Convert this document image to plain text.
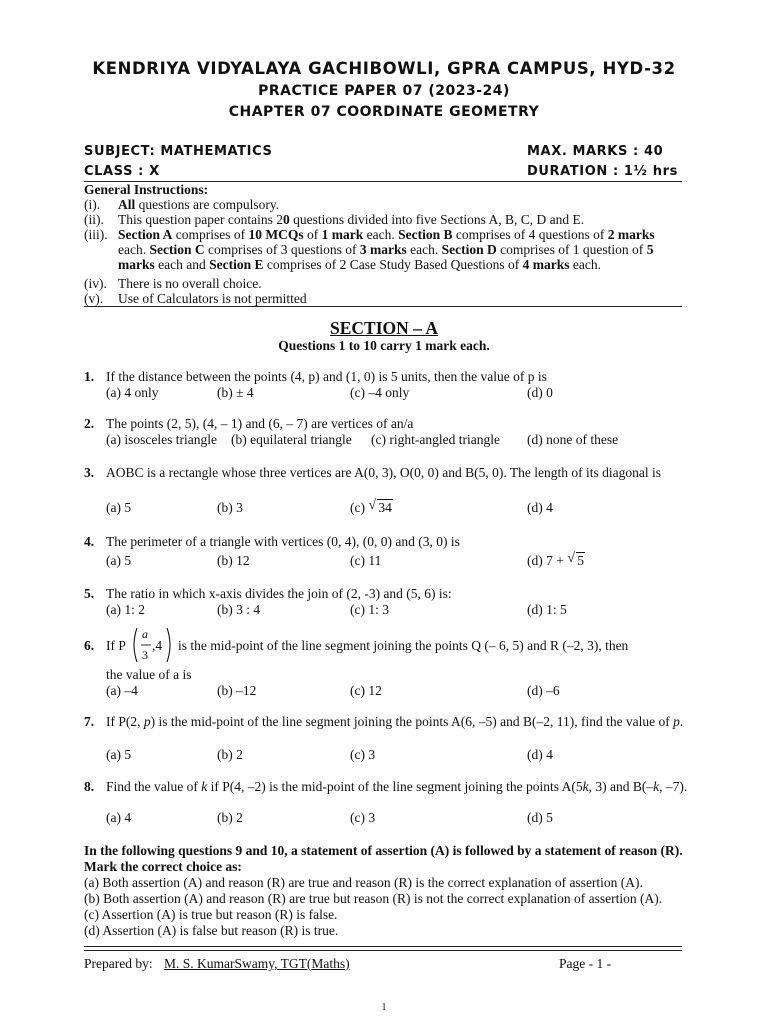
KENDRIYA VIDYALAYA GACHIBOWLI, GPRA CAMPUS, HYD-32
PRACTICE PAPER 07 (2023-24)
CHAPTER 07 COORDINATE GEOMETRY
SUBJECT: MATHEMATICS	MAX. MARKS : 40
CLASS : X	DURATION : 1½ hrs
General Instructions:
(i). All questions are compulsory.
(ii). This question paper contains 20 questions divided into five Sections A, B, C, D and E.
(iii). Section A comprises of 10 MCQs of 1 mark each. Section B comprises of 4 questions of 2 marks each. Section C comprises of 3 questions of 3 marks each. Section D comprises of 1 question of 5 marks each and Section E comprises of 2 Case Study Based Questions of 4 marks each.
(iv). There is no overall choice.
(v). Use of Calculators is not permitted
SECTION – A
Questions 1 to 10 carry 1 mark each.
1. If the distance between the points (4, p) and (1, 0) is 5 units, then the value of p is
(a) 4 only	(b) ± 4	(c) –4 only	(d) 0
2. The points (2, 5), (4, – 1) and (6, – 7) are vertices of an/a
(a) isosceles triangle (b) equilateral triangle (c) right-angled triangle (d) none of these
3. AOBC is a rectangle whose three vertices are A(0, 3), O(0, 0) and B(5, 0). The length of its diagonal is
(a) 5	(b) 3	(c) √ 34	(d) 4
4. The perimeter of a triangle with vertices (0, 4), (0, 0) and (3, 0) is
(a) 5	(b) 12	(c) 11	(d) 7 + √ 5
5. The ratio in which x-axis divides the join of (2, -3) and (5, 6) is:
(a) 1: 2	(b) 3 : 4	(c) 1: 3	(d) 1: 5
6. If P
a
3
,4 is the mid-point of the line segment joining the points Q (– 6, 5) and R (–2, 3), then
the value of a is
(a) –4	(b) –12	(c) 12	(d) –6
7. If P(2, p) is the mid-point of the line segment joining the points A(6, –5) and B(–2, 11), find the value of p.
(a) 5	(b) 2	(c) 3	(d) 4
8. Find the value of k if P(4, –2) is the mid-point of the line segment joining the points A(5k, 3) and B(–k, –7).
(a) 4	(b) 2	(c) 3	(d) 5
In the following questions 9 and 10, a statement of assertion (A) is followed by a statement of reason (R). Mark the correct choice as:
(a) Both assertion (A) and reason (R) are true and reason (R) is the correct explanation of assertion (A).
(b) Both assertion (A) and reason (R) are true but reason (R) is not the correct explanation of assertion (A).
(c) Assertion (A) is true but reason (R) is false.
(d) Assertion (A) is false but reason (R) is true.
Prepared by: M. S. KumarSwamy, TGT(Maths)	Page - 1 -
1
